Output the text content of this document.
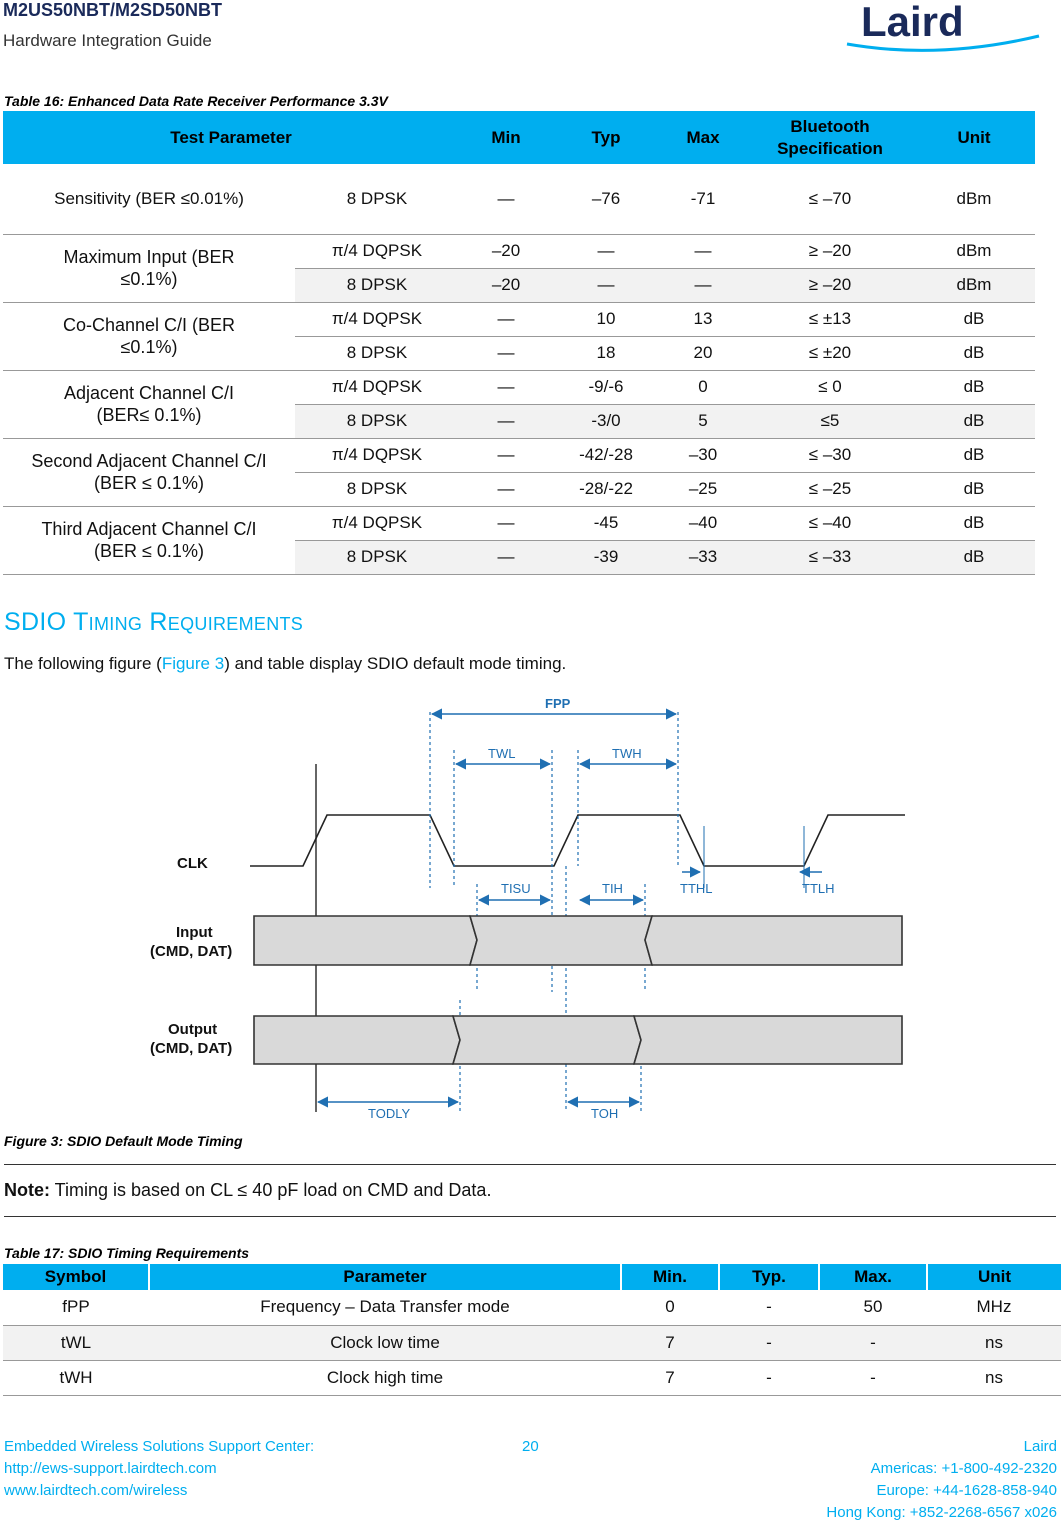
M2US50NBT/M2SD50NBT
Hardware Integration Guide	Laird
Table 16: Enhanced Data Rate Receiver Performance 3.3V
Test Parameter		Min	Typ	Max	Bluetooth Specification	Unit
Sensitivity (BER ≤0.01%)	8 DPSK	—	–76	-71	≤ –70	dBm
Maximum Input (BER ≤0.1%)	π/4 DQPSK	–20	—	—	≥ –20	dBm
	8 DPSK	–20	—	—	≥ –20	dBm
Co-Channel C/I (BER ≤0.1%)	π/4 DQPSK	—	10	13	≤ ±13	dB
	8 DPSK	—	18	20	≤ ±20	dB
Adjacent Channel C/I (BER≤ 0.1%)	π/4 DQPSK	—	-9/-6	0	≤ 0	dB
	8 DPSK	—	-3/0	5	≤5	dB
Second Adjacent Channel C/I (BER ≤ 0.1%)	π/4 DQPSK	—	-42/-28	–30	≤ –30	dB
	8 DPSK	—	-28/-22	–25	≤ –25	dB
Third Adjacent Channel C/I (BER ≤ 0.1%)	π/4 DQPSK	—	-45	–40	≤ –40	dB
	8 DPSK	—	-39	–33	≤ –33	dB
SDIO Timing Requirements
The following figure (Figure 3) and table display SDIO default mode timing.
CLK
Input
(CMD, DAT)
Output
(CMD, DAT)
FPP
TWL	TWH
TISU	TIH	TTHL	TTLH
TODLY	TOH
Figure 3: SDIO Default Mode Timing
Note: Timing is based on CL ≤ 40 pF load on CMD and Data.
Table 17: SDIO Timing Requirements
Symbol	Parameter	Min.	Typ.	Max.	Unit
fPP	Frequency – Data Transfer mode	0	-	50	MHz
tWL	Clock low time	7	-	-	ns
tWH	Clock high time	7	-	-	ns
Embedded Wireless Solutions Support Center:
http://ews-support.lairdtech.com
www.lairdtech.com/wireless
20	Laird
Americas: +1-800-492-2320
Europe: +44-1628-858-940
Hong Kong: +852-2268-6567 x026
